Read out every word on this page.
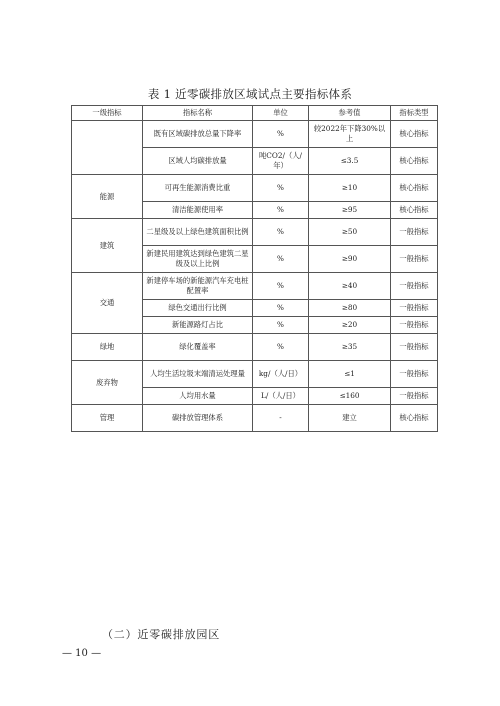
表 1 近零碳排放区域试点主要指标体系
一级指标	指标名称	单位	参考值	指标类型
	既有区域碳排放总量下降率	%	较2022年下降30%以上	核心指标
	区域人均碳排放量	吨CO2/（人/年）	≤3.5	核心指标
能源	可再生能源消费比重	%	≥10	核心指标
	清洁能源使用率	%	≥95	核心指标
建筑	二星级及以上绿色建筑面积比例	%	≥50	一般指标
	新建民用建筑达到绿色建筑二星级及以上比例	%	≥90	一般指标
交通	新建停车场的新能源汽车充电桩配置率	%	≥40	一般指标
	绿色交通出行比例	%	≥80	一般指标
	新能源路灯占比	%	≥20	一般指标
绿地	绿化覆盖率	%	≥35	一般指标
废弃物	人均生活垃圾末端清运处理量	kg/（人/日）	≤1	一般指标
	人均用水量	L/（人/日）	≤160	一般指标
管理	碳排放管理体系	-	建立	核心指标
（二）近零碳排放园区
— 10 —
